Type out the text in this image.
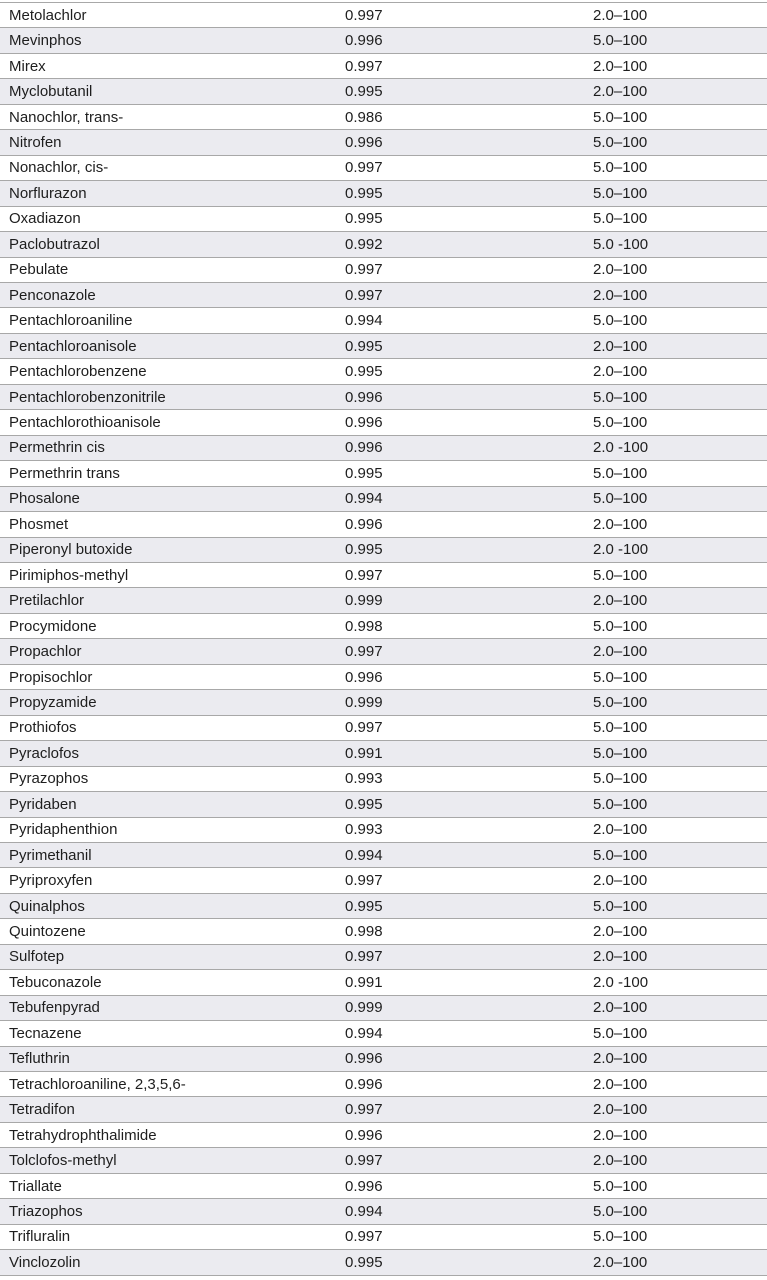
Metolachlor	0.997	2.0–100
Mevinphos	0.996	5.0–100
Mirex	0.997	2.0–100
Myclobutanil	0.995	2.0–100
Nanochlor, trans-	0.986	5.0–100
Nitrofen	0.996	5.0–100
Nonachlor, cis-	0.997	5.0–100
Norflurazon	0.995	5.0–100
Oxadiazon	0.995	5.0–100
Paclobutrazol	0.992	5.0 -100
Pebulate	0.997	2.0–100
Penconazole	0.997	2.0–100
Pentachloroaniline	0.994	5.0–100
Pentachloroanisole	0.995	2.0–100
Pentachlorobenzene	0.995	2.0–100
Pentachlorobenzonitrile	0.996	5.0–100
Pentachlorothioanisole	0.996	5.0–100
Permethrin cis	0.996	2.0 -100
Permethrin trans	0.995	5.0–100
Phosalone	0.994	5.0–100
Phosmet	0.996	2.0–100
Piperonyl butoxide	0.995	2.0 -100
Pirimiphos-methyl	0.997	5.0–100
Pretilachlor	0.999	2.0–100
Procymidone	0.998	5.0–100
Propachlor	0.997	2.0–100
Propisochlor	0.996	5.0–100
Propyzamide	0.999	5.0–100
Prothiofos	0.997	5.0–100
Pyraclofos	0.991	5.0–100
Pyrazophos	0.993	5.0–100
Pyridaben	0.995	5.0–100
Pyridaphenthion	0.993	2.0–100
Pyrimethanil	0.994	5.0–100
Pyriproxyfen	0.997	2.0–100
Quinalphos	0.995	5.0–100
Quintozene	0.998	2.0–100
Sulfotep	0.997	2.0–100
Tebuconazole	0.991	2.0 -100
Tebufenpyrad	0.999	2.0–100
Tecnazene	0.994	5.0–100
Tefluthrin	0.996	2.0–100
Tetrachloroaniline, 2,3,5,6-	0.996	2.0–100
Tetradifon	0.997	2.0–100
Tetrahydrophthalimide	0.996	2.0–100
Tolclofos-methyl	0.997	2.0–100
Triallate	0.996	5.0–100
Triazophos	0.994	5.0–100
Trifluralin	0.997	5.0–100
Vinclozolin	0.995	2.0–100
